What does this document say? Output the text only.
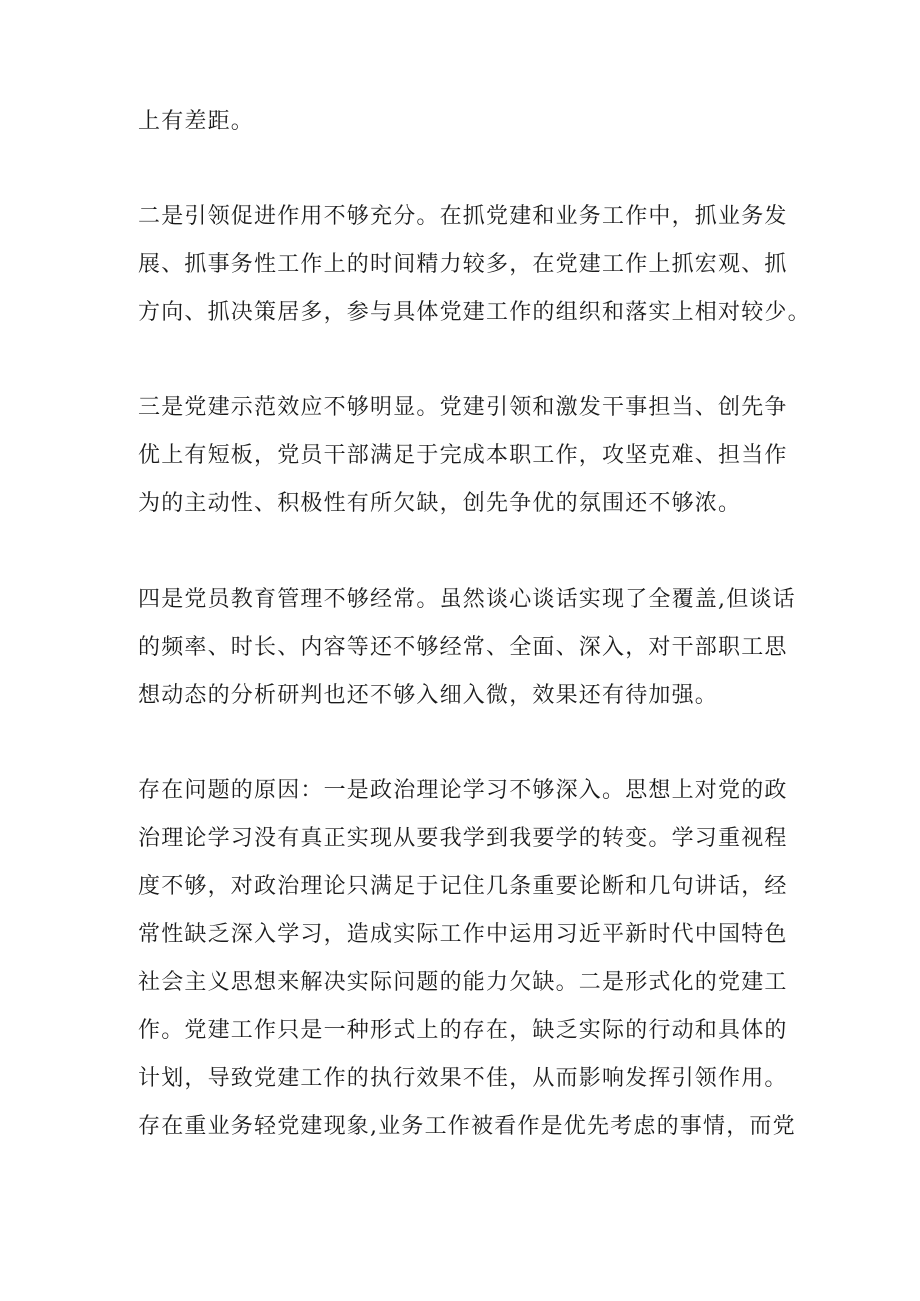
上有差距。
二是引领促进作用不够充分。在抓党建和业务工作中，抓业务发
展、抓事务性工作上的时间精力较多，在党建工作上抓宏观、抓
方向、抓决策居多，参与具体党建工作的组织和落实上相对较少。
三是党建示范效应不够明显。党建引领和激发干事担当、创先争
优上有短板，党员干部满足于完成本职工作，攻坚克难、担当作
为的主动性、积极性有所欠缺，创先争优的氛围还不够浓。
四是党员教育管理不够经常。虽然谈心谈话实现了全覆盖,但谈话
的频率、时长、内容等还不够经常、全面、深入，对干部职工思
想动态的分析研判也还不够入细入微，效果还有待加强。
存在问题的原因：一是政治理论学习不够深入。思想上对党的政
治理论学习没有真正实现从要我学到我要学的转变。学习重视程
度不够，对政治理论只满足于记住几条重要论断和几句讲话，经
常性缺乏深入学习，造成实际工作中运用习近平新时代中国特色
社会主义思想来解决实际问题的能力欠缺。二是形式化的党建工
作。党建工作只是一种形式上的存在，缺乏实际的行动和具体的
计划，导致党建工作的执行效果不佳，从而影响发挥引领作用。
存在重业务轻党建现象,业务工作被看作是优先考虑的事情，而党
